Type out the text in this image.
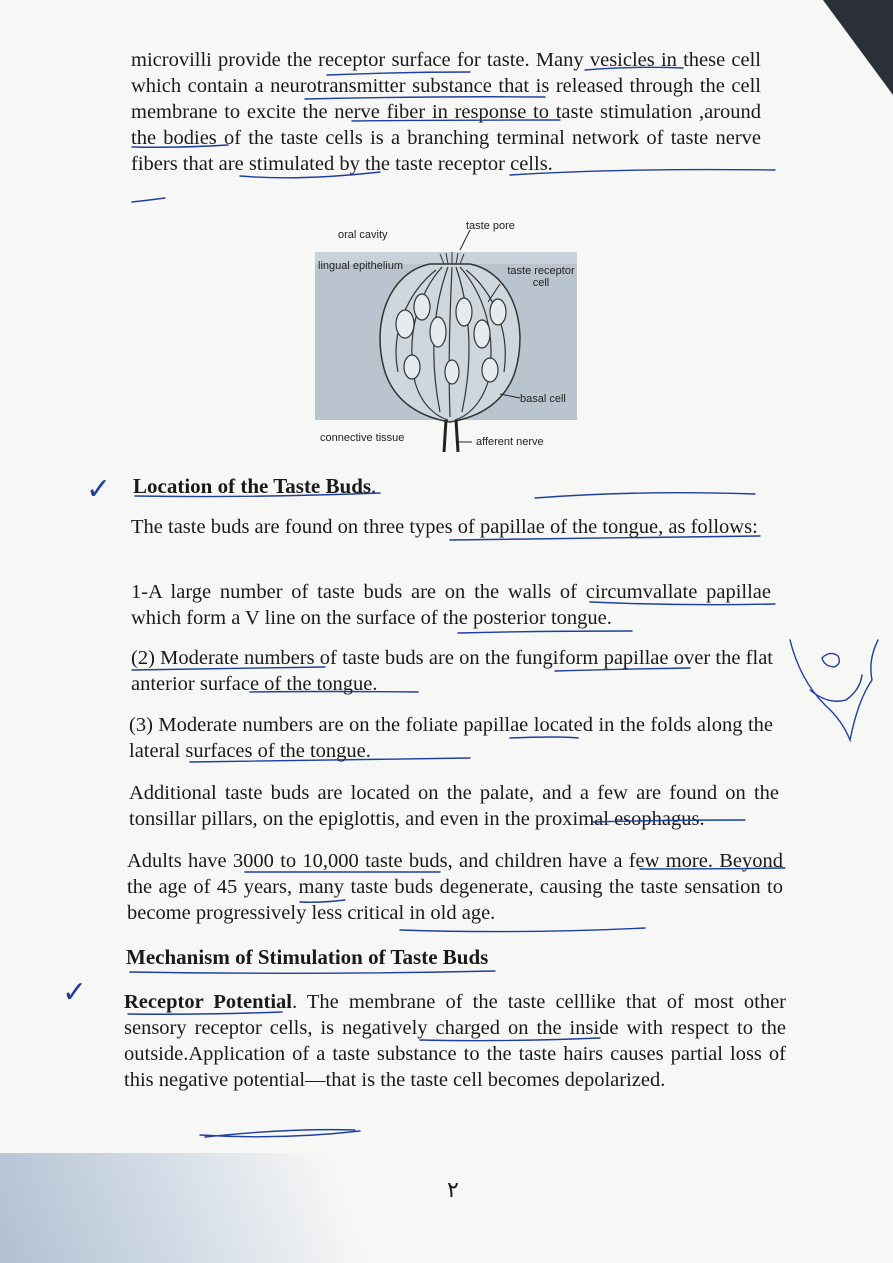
microvilli provide the receptor surface for taste. Many vesicles in these cell which contain a neurotransmitter substance that is released through the cell membrane to excite the nerve fiber in response to taste stimulation ,around the bodies of the taste cells is a branching terminal network of taste nerve fibers that are stimulated by the taste receptor cells.

oral cavity
taste pore
lingual epithelium	taste receptor cell
basal cell
connective tissue	afferent nerve
✓ Location of the Taste Buds.

The taste buds are found on three types of papillae of the tongue, as follows:

1-A large number of taste buds are on the walls of circumvallate papillae which form a V line on the surface of the posterior tongue.

(2) Moderate numbers of taste buds are on the fungiform papillae over the flat anterior surface of the tongue.

(3) Moderate numbers are on the foliate papillae located in the folds along the lateral surfaces of the tongue.

Additional taste buds are located on the palate, and a few are found on the tonsillar pillars, on the epiglottis, and even in the proximal esophagus.

Adults have 3000 to 10,000 taste buds, and children have a few more. Beyond the age of 45 years, many taste buds degenerate, causing the taste sensation to become progressively less critical in old age.

Mechanism of Stimulation of Taste Buds
✓ Receptor Potential. The membrane of the taste cell‎like that of most other sensory receptor cells, is negatively charged on the inside with respect to the outside.Application of a taste substance to the taste hairs causes partial loss of this negative potential—that is the taste cell becomes depolarized.

٢
